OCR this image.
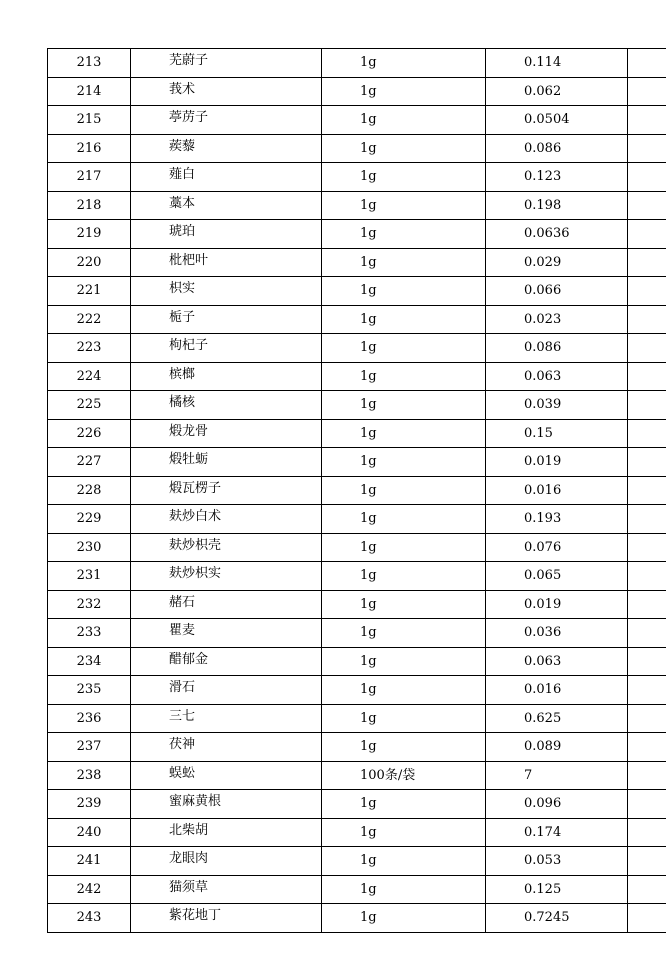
213	芜蔚子	1g	0.114	
214	莪术	1g	0.062	
215	葶苈子	1g	0.0504	
216	蒺藜	1g	0.086	
217	薤白	1g	0.123	
218	藁本	1g	0.198	
219	琥珀	1g	0.0636	
220	枇杷叶	1g	0.029	
221	枳实	1g	0.066	
222	栀子	1g	0.023	
223	枸杞子	1g	0.086	
224	槟榔	1g	0.063	
225	橘核	1g	0.039	
226	煅龙骨	1g	0.15	
227	煅牡蛎	1g	0.019	
228	煅瓦楞子	1g	0.016	
229	麸炒白术	1g	0.193	
230	麸炒枳壳	1g	0.076	
231	麸炒枳实	1g	0.065	
232	赭石	1g	0.019	
233	瞿麦	1g	0.036	
234	醋郁金	1g	0.063	
235	滑石	1g	0.016	
236	三七	1g	0.625	
237	茯神	1g	0.089	
238	蜈蚣	100条/袋	7	
239	蜜麻黄根	1g	0.096	
240	北柴胡	1g	0.174	
241	龙眼肉	1g	0.053	
242	猫须草	1g	0.125	
243	紫花地丁	1g	0.7245	
